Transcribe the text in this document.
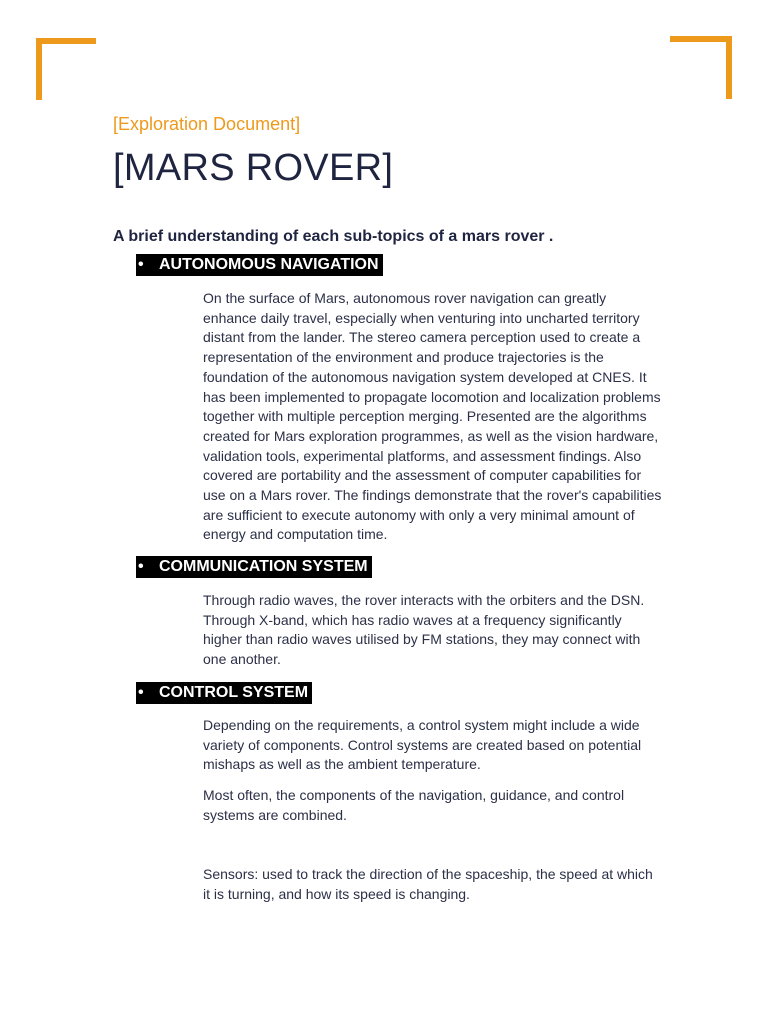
[Exploration Document]
[MARS ROVER]
A brief understanding of each sub-topics of a mars rover .
• AUTONOMOUS NAVIGATION

On the surface of Mars, autonomous rover navigation can greatly enhance daily travel, especially when venturing into uncharted territory distant from the lander. The stereo camera perception used to create a representation of the environment and produce trajectories is the foundation of the autonomous navigation system developed at CNES. It has been implemented to propagate locomotion and localization problems together with multiple perception merging. Presented are the algorithms created for Mars exploration programmes, as well as the vision hardware, validation tools, experimental platforms, and assessment findings. Also covered are portability and the assessment of computer capabilities for use on a Mars rover. The findings demonstrate that the rover's capabilities are sufficient to execute autonomy with only a very minimal amount of energy and computation time.

• COMMUNICATION SYSTEM

Through radio waves, the rover interacts with the orbiters and the DSN. Through X-band, which has radio waves at a frequency significantly higher than radio waves utilised by FM stations, they may connect with one another.

• CONTROL SYSTEM

Depending on the requirements, a control system might include a wide variety of components. Control systems are created based on potential mishaps as well as the ambient temperature.

Most often, the components of the navigation, guidance, and control systems are combined.

Sensors: used to track the direction of the spaceship, the speed at which it is turning, and how its speed is changing.
